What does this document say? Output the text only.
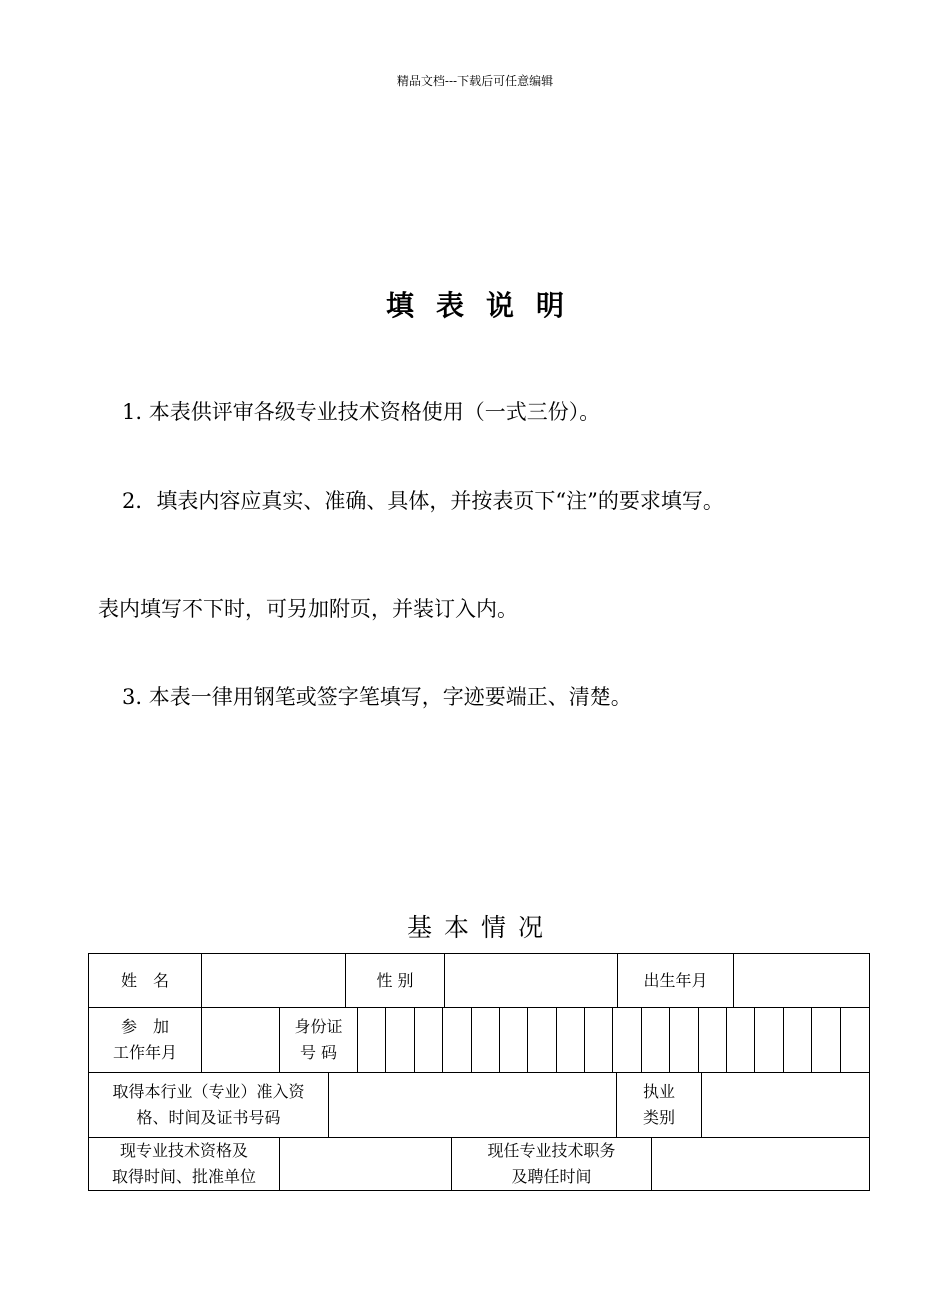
精品文档---下载后可任意编辑
填表说明
1. 本表供评审各级专业技术资格使用（一式三份）。
2．填表内容应真实、准确、具体，并按表页下“注”的要求填写。
表内填写不下时，可另加附页，并装订入内。
3. 本表一律用钢笔或签字笔填写，字迹要端正、清楚。
基本情况
姓　名	性 别	出生年月
参　加
工作年月
身份证
号 码
取得本行业（专业）准入资
格、时间及证书号码
执业
类别
现专业技术资格及
取得时间、批准单位
现任专业技术职务
及聘任时间
